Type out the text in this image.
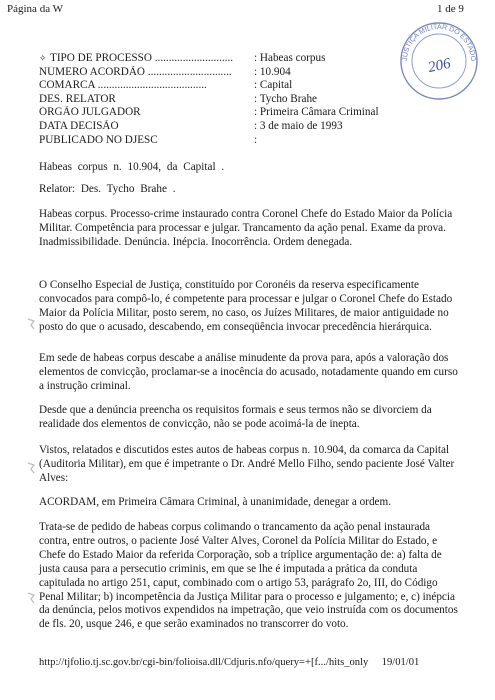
Página da W	1 de 9
JUSTIÇA MILITAR DO ESTADO
206
✧ TIPO DE PROCESSO ............................	: Habeas corpus
NÚMERO ACORDÃO ..............................	: 10.904
COMARCA .......................................	: Capital
DES. RELATOR	: Tycho Brahe
ÓRGÃO JULGADOR	: Primeira Câmara Criminal
DATA DECISÃO	: 3 de maio de 1993
PUBLICADO NO DJESC	:
Habeas corpus n. 10.904, da Capital .
Relator: Des. Tycho Brahe .
Habeas corpus. Processo-crime instaurado contra Coronel Chefe do Estado Maior da Polícia Militar. Competência para processar e julgar. Trancamento da ação penal. Exame da prova. Inadmissibilidade. Denúncia. Inépcia. Inocorrência. Ordem denegada.
O Conselho Especial de Justiça, constituído por Coronéis da reserva especificamente convocados para compô-lo, é competente para processar e julgar o Coronel Chefe do Estado Maior da Polícia Militar, posto serem, no caso, os Juízes Militares, de maior antiguidade no posto do que o acusado, descabendo, em conseqüência invocar precedência hierárquica.
Em sede de habeas corpus descabe a análise minudente da prova para, após a valoração dos elementos de convicção, proclamar-se a inocência do acusado, notadamente quando em curso a instrução criminal.
Desde que a denúncia preencha os requisitos formais e seus termos não se divorciem da realidade dos elementos de convicção, não se pode acoimá-la de inepta.
Vistos, relatados e discutidos estes autos de habeas corpus n. 10.904, da comarca da Capital (Auditoria Militar), em que é impetrante o Dr. André Mello Filho, sendo paciente José Valter Alves:
ACORDAM, em Primeira Câmara Criminal, à unanimidade, denegar a ordem.
Trata-se de pedido de habeas corpus colimando o trancamento da ação penal instaurada contra, entre outros, o paciente José Valter Alves, Coronel da Polícia Militar do Estado, e Chefe do Estado Maior da referida Corporação, sob a tríplice argumentação de: a) falta de justa causa para a persecutio criminis, em que se lhe é imputada a prática da conduta capitulada no artigo 251, caput, combinado com o artigo 53, parágrafo 2o, III, do Código Penal Militar; b) incompetência da Justiça Militar para o processo e julgamento; e, c) inépcia da denúncia, pelos motivos expendidos na impetração, que veio instruída com os documentos de fls. 20, usque 246, e que serão examinados no transcorrer do voto.
http://tjfolio.tj.sc.gov.br/cgi-bin/folioisa.dll/Cdjuris.nfo/query=+[f.../hits_only 19/01/01
